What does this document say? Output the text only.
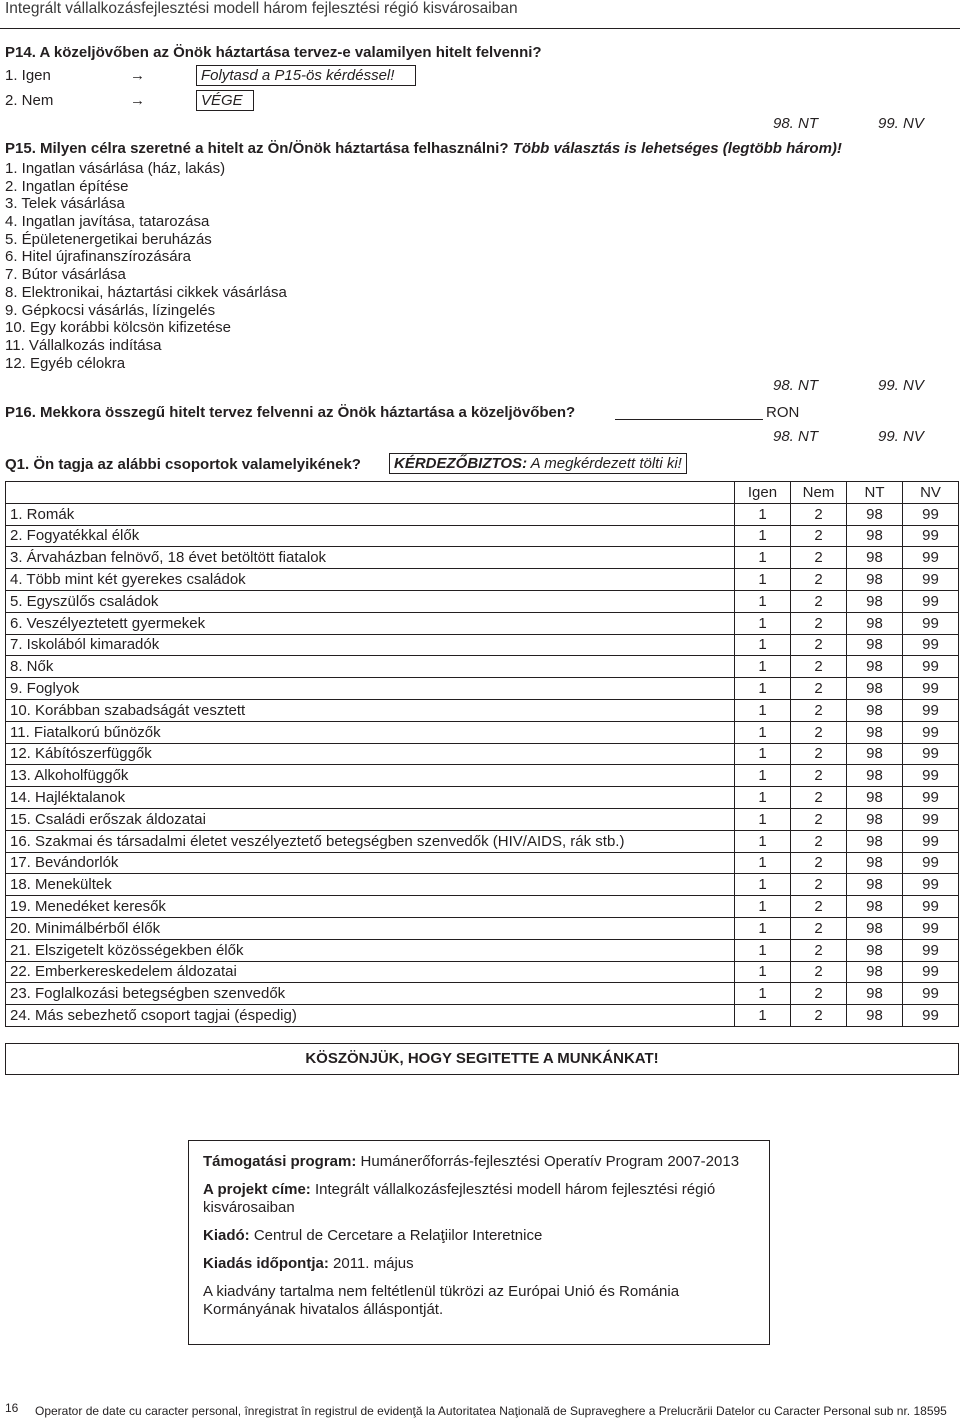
Integrált vállalkozásfejlesztési modell három fejlesztési régió kisvárosaiban
P14. A közeljövőben az Önök háztartása tervez-e valamilyen hitelt felvenni?
1. Igen	→	Folytasd a P15-ös kérdéssel!
2. Nem	→	VÉGE
98. NT	99. NV
P15. Milyen célra szeretné a hitelt az Ön/Önök háztartása felhasználni? Több választás is lehetséges (legtöbb három)!
1. Ingatlan vásárlása (ház, lakás)
2. Ingatlan építése
3. Telek vásárlása
4. Ingatlan javítása, tatarozása
5. Épületenergetikai beruházás
6. Hitel újrafinanszírozására
7. Bútor vásárlása
8. Elektronikai, háztartási cikkek vásárlása
9. Gépkocsi vásárlás, lízingelés
10. Egy korábbi kölcsön kifizetése
11. Vállalkozás indítása
12. Egyéb célokra
98. NT	99. NV
P16. Mekkora összegű hitelt tervez felvenni az Önök háztartása a közeljövőben?	RON
98. NT	99. NV
Q1. Ön tagja az alábbi csoportok valamelyikének?	KÉRDEZŐBIZTOS: A megkérdezett tölti ki!
	Igen	Nem	NT	NV
1. Romák	1	2	98	99
2. Fogyatékkal élők	1	2	98	99
3. Árvaházban felnövő, 18 évet betöltött fiatalok	1	2	98	99
4. Több mint két gyerekes családok	1	2	98	99
5. Egyszülős családok	1	2	98	99
6. Veszélyeztetett gyermekek	1	2	98	99
7. Iskolából kimaradók	1	2	98	99
8. Nők	1	2	98	99
9. Foglyok	1	2	98	99
10. Korábban szabadságát vesztett	1	2	98	99
11. Fiatalkorú bűnözők	1	2	98	99
12. Kábítószerfüggők	1	2	98	99
13. Alkoholfüggők	1	2	98	99
14. Hajléktalanok	1	2	98	99
15. Családi erőszak áldozatai	1	2	98	99
16. Szakmai és társadalmi életet veszélyeztető betegségben szenvedők (HIV/AIDS, rák stb.)	1	2	98	99
17. Bevándorlók	1	2	98	99
18. Menekültek	1	2	98	99
19. Menedéket keresők	1	2	98	99
20. Minimálbérből élők	1	2	98	99
21. Elszigetelt közösségekben élők	1	2	98	99
22. Emberkereskedelem áldozatai	1	2	98	99
23. Foglalkozási betegségben szenvedők	1	2	98	99
24. Más sebezhető csoport tagjai (éspedig)	1	2	98	99
KÖSZÖNJÜK, HOGY SEGITETTE A MUNKÁNKAT!

Támogatási program: Humánerőforrás-fejlesztési Operatív Program 2007-2013

A projekt címe: Integrált vállalkozásfejlesztési modell három fejlesztési régió kisvárosaiban

Kiadó: Centrul de Cercetare a Relaţiilor Interetnice

Kiadás időpontja: 2011. május

A kiadvány tartalma nem feltétlenül tükrözi az Európai Unió és Románia Kormányának hivatalos álláspontját.

16 Operator de date cu caracter personal, înregistrat în registrul de evidenţă la Autoritatea Naţională de Supraveghere a Prelucrării Datelor cu Caracter Personal sub nr. 18595
